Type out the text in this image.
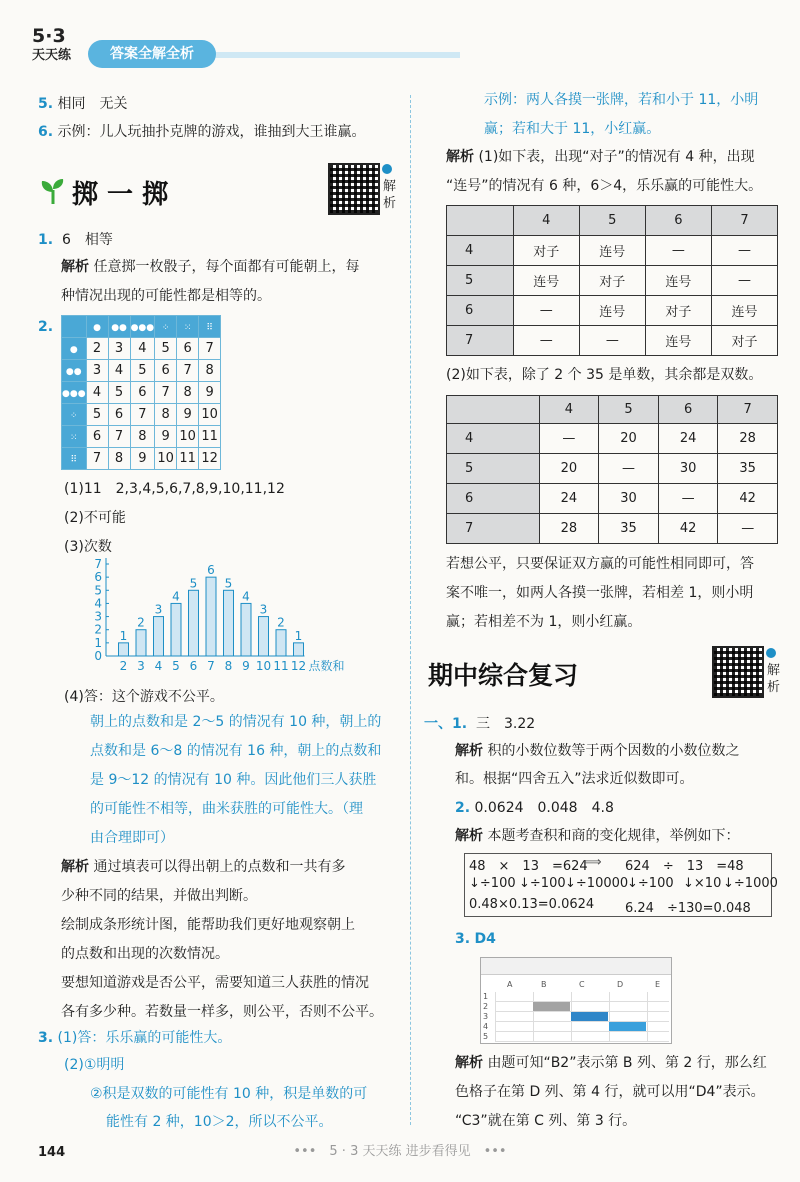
5·3
天天练	答案全解全析
5. 相同　无关
6. 示例：儿人玩抽扑克牌的游戏，谁抽到大王谁赢。
掷 一 掷	解析
1. 6　相等
解析 任意掷一枚骰子，每个面都有可能朝上，每
种情况出现的可能性都是相等的。
2.
		●	●●	●●●	⁘	⁙	⠿
●	2	3	4	5	6	7
●●	3	4	5	6	7	8
●●●	4	5	6	7	8	9
⁘	5	6	7	8	9	10
⁙	6	7	8	9	10	11
⠿	7	8	9	10	11	12
(1)11　2,3,4,5,6,7,8,9,10,11,12
(2)不可能
(3)次数
0
1
2
3
4
5
6
7
1
2
2
3
3
4
4
5
5
6
6
7
5
8
4
9
3
10
2
11
1
12 点数和
(4)答：这个游戏不公平。
朝上的点数和是 2～5 的情况有 10 种，朝上的
点数和是 6～8 的情况有 16 种，朝上的点数和
是 9～12 的情况有 10 种。因此他们三人获胜
的可能性不相等，曲米获胜的可能性大。（理
由合理即可）
解析 通过填表可以得出朝上的点数和一共有多
少种不同的结果，并做出判断。
绘制成条形统计图，能帮助我们更好地观察朝上
的点数和出现的次数情况。
要想知道游戏是否公平，需要知道三人获胜的情况
各有多少种。若数量一样多，则公平，否则不公平。
3. (1)答：乐乐赢的可能性大。
(2)①明明
②积是双数的可能性有 10 种，积是单数的可
能性有 2 种，10＞2，所以不公平。
144
示例：两人各摸一张牌，若和小于 11，小明
赢；若和大于 11，小红赢。
解析 (1)如下表，出现“对子”的情况有 4 种，出现
“连号”的情况有 6 种，6＞4，乐乐赢的可能性大。
	4	5	6	7
4	对子	连号	—	—
5	连号	对子	连号	—
6	—	连号	对子	连号
7	—	—	连号	对子
(2)如下表，除了 2 个 35 是单数，其余都是双数。
	4	5	6	7
4	—	20	24	28
5	20	—	30	35
6	24	30	—	42
7	28	35	42	—
若想公平，只要保证双方赢的可能性相同即可，答
案不唯一，如两人各摸一张牌，若相差 1，则小明
赢；若相差不为 1，则小红赢。
期中综合复习	解析
一、1. 三　3.22
解析 积的小数位数等于两个因数的小数位数之
和。根据“四舍五入”法求近似数即可。
2. 0.0624　0.048　4.8
解析 本题考查积和商的变化规律，举例如下：
48　×　13　=624
⟹ 624　÷　13　=48
↓÷100 ↓÷100 ↓÷10000
↓÷100 ↓×10 ↓÷1000
0.48×0.13=0.0624 6.24　÷130=0.048
3. D4
A	B	C	D	E
1
2
3
4
5
解析 由题可知“B2”表示第 B 列、第 2 行，那么红
色格子在第 D 列、第 4 行，就可以用“D4”表示。
“C3”就在第 C 列、第 3 行。
•••　5 · 3 天天练 进步看得见　•••
